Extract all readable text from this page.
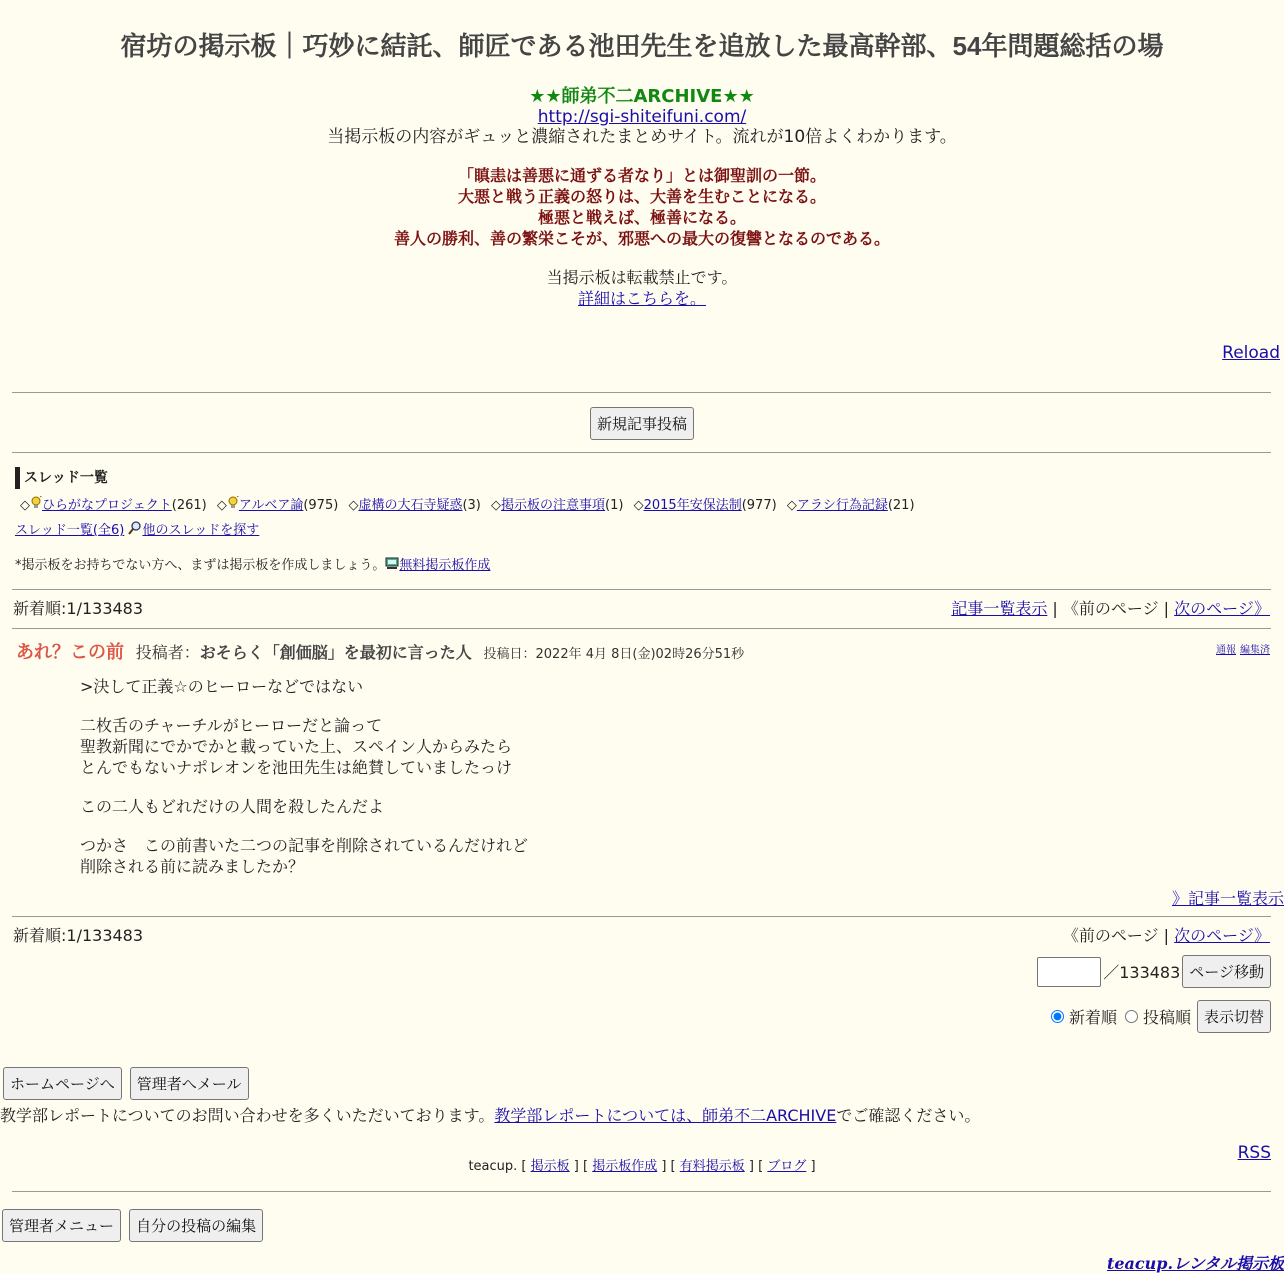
宿坊の掲示板｜巧妙に結託、師匠である池田先生を追放した最高幹部、54年問題総括の場
★★師弟不二ARCHIVE★★
http://sgi-shiteifuni.com/
当掲示板の内容がギュッと濃縮されたまとめサイト。流れが10倍よくわかります。
「瞋恚は善悪に通ずる者なり」とは御聖訓の一節。
大悪と戦う正義の怒りは、大善を生むことになる。
極悪と戦えば、極善になる。
善人の勝利、善の繁栄こそが、邪悪への最大の復讐となるのである。
当掲示板は転載禁止です。
詳細はこちらを。
Reload
新規記事投稿
スレッド一覧
◇ ひらがなプロジェクト(261) ◇ アルベア論(975) ◇虚構の大石寺疑惑(3) ◇掲示板の注意事項(1) ◇2015年安保法制(977) ◇アラシ行為記録(21)
スレッド一覧(全6) 他のスレッドを探す
*掲示板をお持ちでない方へ、まずは掲示板を作成しましょう。 無料掲示板作成
新着順:1/133483	記事一覧表示 | 《前のページ | 次のページ》
あれ？この前 投稿者：おそらく「創価脳」を最初に言った人 投稿日：2022年 4月 8日(金)02時26分51秒	通報 編集済

>決して正義☆のヒーローなどではない

二枚舌のチャーチルがヒーローだと論って
聖教新聞にでかでかと載っていた上、スペイン人からみたら
とんでもないナポレオンを池田先生は絶賛していましたっけ

この二人もどれだけの人間を殺したんだよ

つかさ　この前書いた二つの記事を削除されているんだけれど
削除される前に読みましたか？

》記事一覧表示
新着順:1/133483	《前のページ | 次のページ》
／133483 ページ移動
新着順 投稿順 表示切替
ホームページへ 管理者へメール
教学部レポートについてのお問い合わせを多くいただいております。教学部レポートについては、師弟不二ARCHIVEでご確認ください。
RSS
teacup. [ 掲示板 ] [ 掲示板作成 ] [ 有料掲示板 ] [ ブログ ]
管理者メニュー 自分の投稿の編集
teacup.レンタル掲示板
